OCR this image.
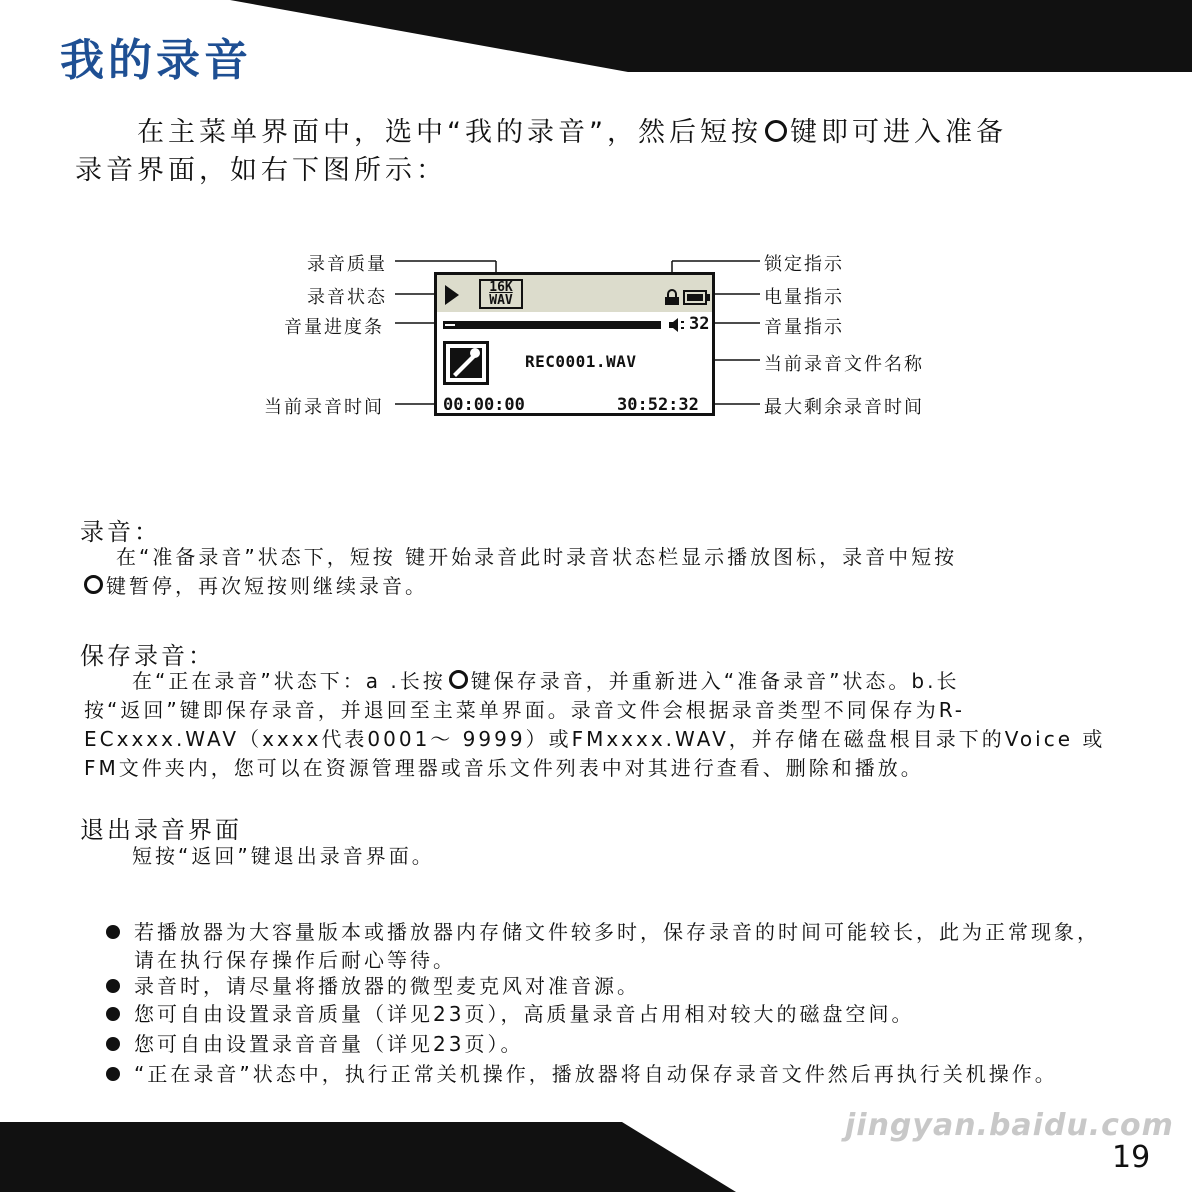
我的录音
在主菜单界面中，选中“我的录音”，然后短按 键即可进入准备
录音界面，如右下图所示：
录音质量
录音状态
音量进度条
当前录音时间
锁定指示
电量指示
音量指示
当前录音文件名称
最大剩余录音时间
16K
WAV
32
REC0001.WAV
00:00:00	30:52:32
录音：
在“准备录音”状态下，短按 键开始录音此时录音状态栏显示播放图标，录音中短按
键暂停，再次短按则继续录音。
保存录音：
在“正在录音”状态下：a .长按 键保存录音，并重新进入“准备录音”状态。b.长
按“返回”键即保存录音，并退回至主菜单界面。录音文件会根据录音类型不同保存为R-
ECxxxx.WAV（xxxx代表0001～ 9999）或FMxxxx.WAV，并存储在磁盘根目录下的Voice 或
FM文件夹内，您可以在资源管理器或音乐文件列表中对其进行查看、删除和播放。
退出录音界面
短按“返回”键退出录音界面。
若播放器为大容量版本或播放器内存储文件较多时，保存录音的时间可能较长，此为正常现象，请在执行保存操作后耐心等待。
录音时，请尽量将播放器的微型麦克风对准音源。
您可自由设置录音质量（详见23页），高质量录音占用相对较大的磁盘空间。
您可自由设置录音音量（详见23页）。
“正在录音”状态中，执行正常关机操作，播放器将自动保存录音文件然后再执行关机操作。
jingyan.baidu.com
19
